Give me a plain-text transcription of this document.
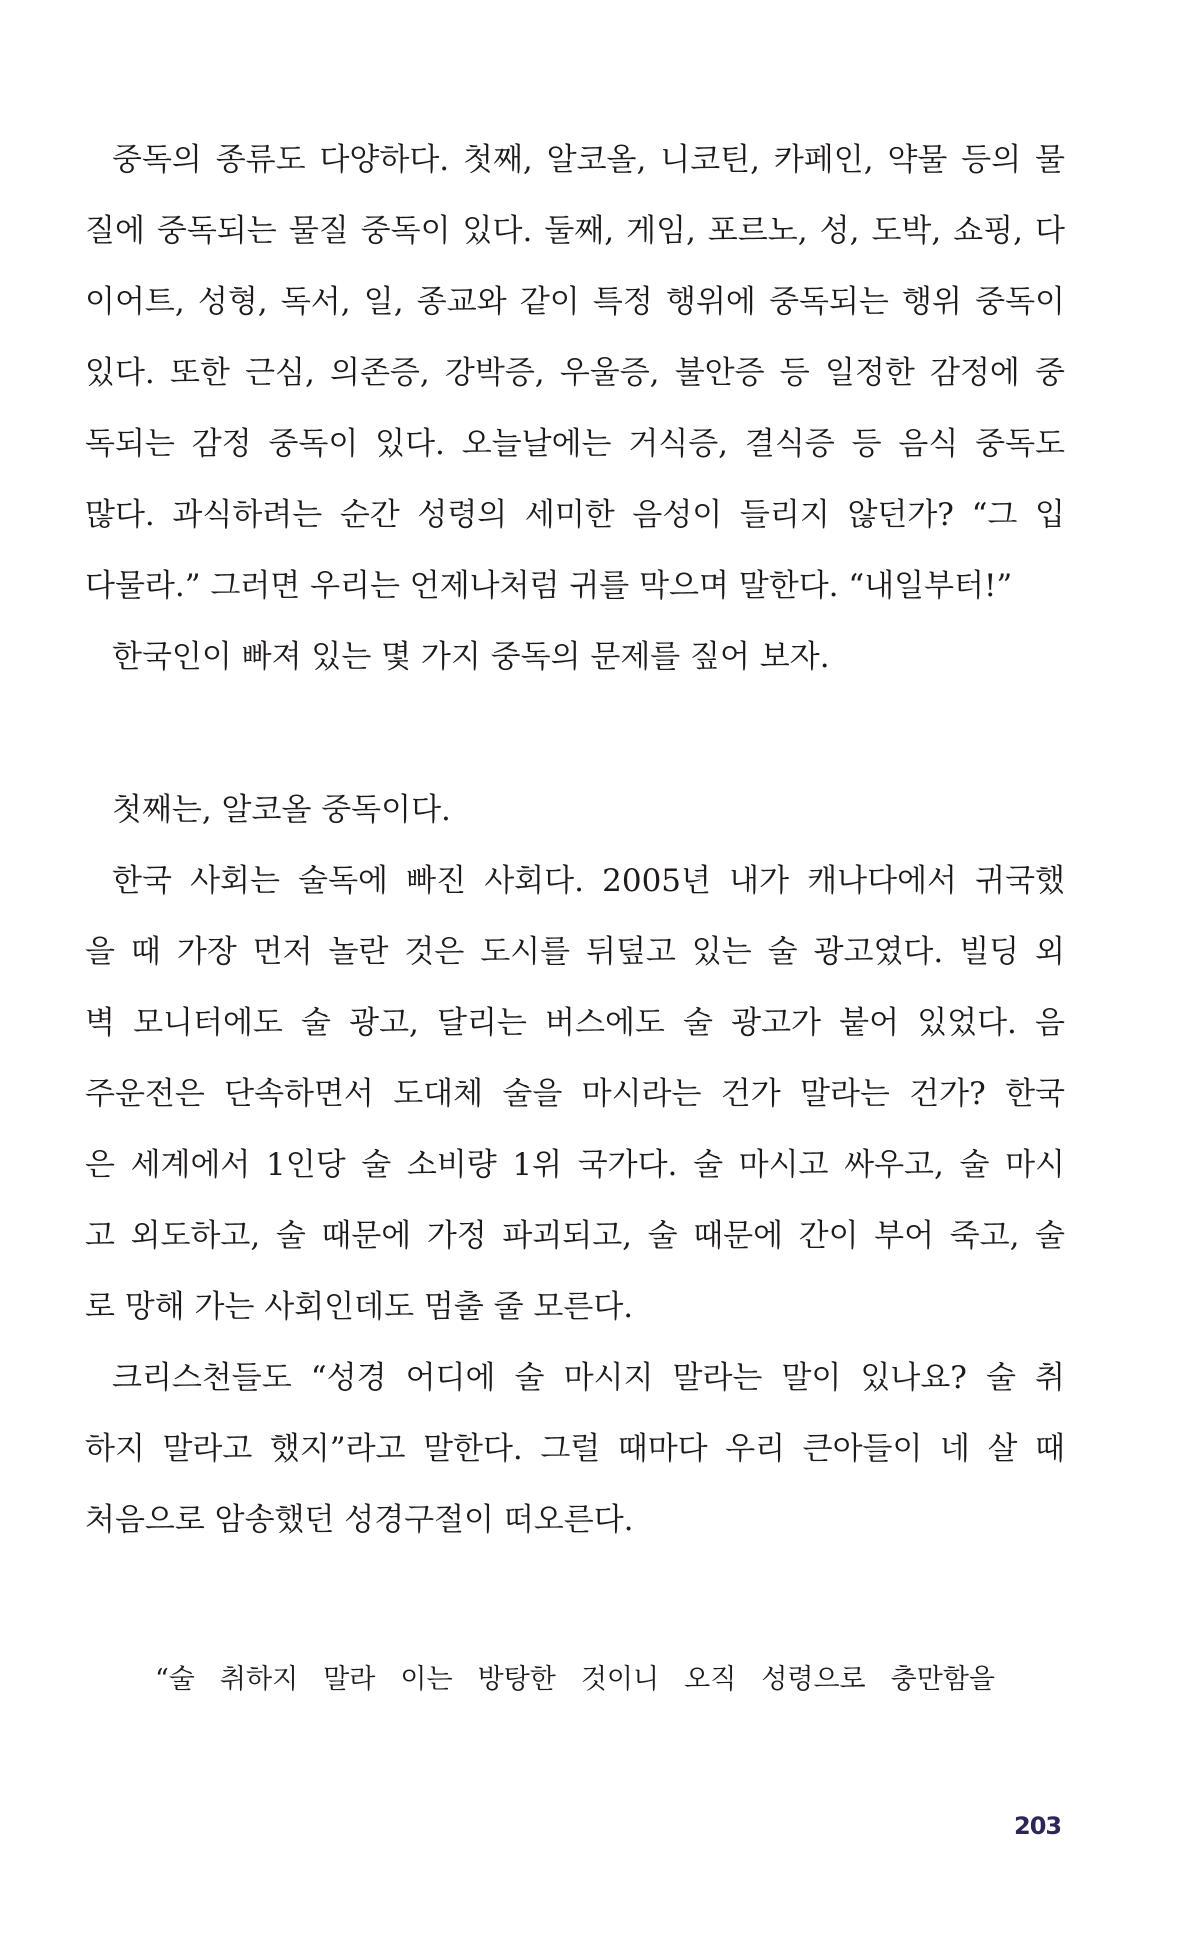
중독의 종류도 다양하다. 첫째, 알코올, 니코틴, 카페인, 약물 등의 물
질에 중독되는 물질 중독이 있다. 둘째, 게임, 포르노, 성, 도박, 쇼핑, 다
이어트, 성형, 독서, 일, 종교와 같이 특정 행위에 중독되는 행위 중독이
있다. 또한 근심, 의존증, 강박증, 우울증, 불안증 등 일정한 감정에 중
독되는 감정 중독이 있다. 오늘날에는 거식증, 결식증 등 음식 중독도
많다. 과식하려는 순간 성령의 세미한 음성이 들리지 않던가? “그 입
다물라.” 그러면 우리는 언제나처럼 귀를 막으며 말한다. “내일부터!”
한국인이 빠져 있는 몇 가지 중독의 문제를 짚어 보자.
첫째는, 알코올 중독이다.
한국 사회는 술독에 빠진 사회다. 2005년 내가 캐나다에서 귀국했
을 때 가장 먼저 놀란 것은 도시를 뒤덮고 있는 술 광고였다. 빌딩 외
벽 모니터에도 술 광고, 달리는 버스에도 술 광고가 붙어 있었다. 음
주운전은 단속하면서 도대체 술을 마시라는 건가 말라는 건가? 한국
은 세계에서 1인당 술 소비량 1위 국가다. 술 마시고 싸우고, 술 마시
고 외도하고, 술 때문에 가정 파괴되고, 술 때문에 간이 부어 죽고, 술
로 망해 가는 사회인데도 멈출 줄 모른다.
크리스천들도 “성경 어디에 술 마시지 말라는 말이 있나요? 술 취
하지 말라고 했지”라고 말한다. 그럴 때마다 우리 큰아들이 네 살 때
처음으로 암송했던 성경구절이 떠오른다.
“술 취하지 말라 이는 방탕한 것이니 오직 성령으로 충만함을
203
